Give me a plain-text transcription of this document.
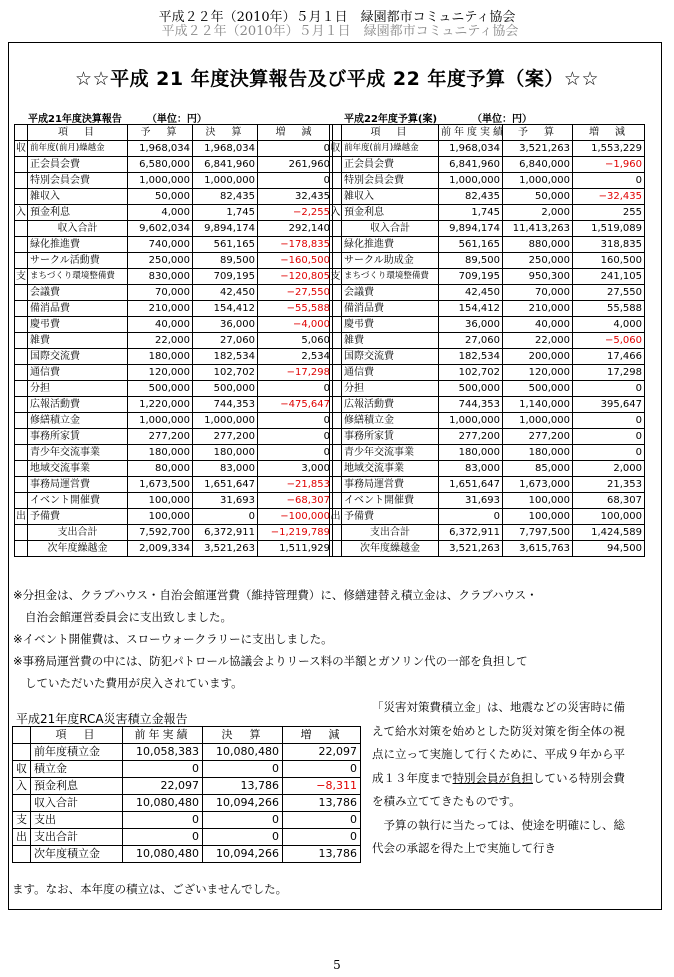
平成２２年（2010年）５月１日　緑園都市コミュニティ協会
平成２２年（2010年）５月１日　緑園都市コミュニティ協会
☆☆平成 21 年度決算報告及び平成 22 年度予算（案）☆☆
平成21年度決算報告　　　（単位：円）
	項　目	予　算	決　算	増　減
収	前年度(前月)繰越金	1,968,034	1,968,034	0
	正会員会費	6,580,000	6,841,960	261,960
	特別会員会費	1,000,000	1,000,000	0
	雑収入	50,000	82,435	32,435
入	預金利息	4,000	1,745	−2,255
	収入合計	9,602,034	9,894,174	292,140
	緑化推進費	740,000	561,165	−178,835
	サークル活動費	250,000	89,500	−160,500
支	まちづくり環境整備費	830,000	709,195	−120,805
	会議費	70,000	42,450	−27,550
	備消品費	210,000	154,412	−55,588
	慶弔費	40,000	36,000	−4,000
	雑費	22,000	27,060	5,060
	国際交流費	180,000	182,534	2,534
	通信費	120,000	102,702	−17,298
	分担	500,000	500,000	0
	広報活動費	1,220,000	744,353	−475,647
	修繕積立金	1,000,000	1,000,000	0
	事務所家賃	277,200	277,200	0
	青少年交流事業	180,000	180,000	0
	地域交流事業	80,000	83,000	3,000
	事務局運営費	1,673,500	1,651,647	−21,853
	イベント開催費	100,000	31,693	−68,307
出	予備費	100,000	0	−100,000
	支出合計	7,592,700	6,372,911	−1,219,789
	次年度繰越金	2,009,334	3,521,263	1,511,929
平成22年度予算(案)　　　　（単位：円）
	項　目	前年度実績	予　算	増　減
収	前年度(前月)繰越金	1,968,034	3,521,263	1,553,229
	正会員会費	6,841,960	6,840,000	−1,960
	特別会員会費	1,000,000	1,000,000	0
	雑収入	82,435	50,000	−32,435
入	預金利息	1,745	2,000	255
	収入合計	9,894,174	11,413,263	1,519,089
	緑化推進費	561,165	880,000	318,835
	サークル助成金	89,500	250,000	160,500
支	まちづくり環境整備費	709,195	950,300	241,105
	会議費	42,450	70,000	27,550
	備消品費	154,412	210,000	55,588
	慶弔費	36,000	40,000	4,000
	雑費	27,060	22,000	−5,060
	国際交流費	182,534	200,000	17,466
	通信費	102,702	120,000	17,298
	分担	500,000	500,000	0
	広報活動費	744,353	1,140,000	395,647
	修繕積立金	1,000,000	1,000,000	0
	事務所家賃	277,200	277,200	0
	青少年交流事業	180,000	180,000	0
	地域交流事業	83,000	85,000	2,000
	事務局運営費	1,651,647	1,673,000	21,353
	イベント開催費	31,693	100,000	68,307
出	予備費	0	100,000	100,000
	支出合計	6,372,911	7,797,500	1,424,589
	次年度繰越金	3,521,263	3,615,763	94,500
※分担金は、クラブハウス・自治会館運営費（維持管理費）に、修繕建替え積立金は、クラブハウス・
自治会館運営委員会に支出致しました。
※イベント開催費は、スローウォークラリーに支出しました。
※事務局運営費の中には、防犯パトロール協議会よりリース料の半額とガソリン代の一部を負担して
していただいた費用が戻入されています。
平成21年度RCA災害積立金報告
	項　目	前年実績	決　算	増　減
	前年度積立金	10,058,383	10,080,480	22,097
収	積立金	0	0	0
入	預金利息	22,097	13,786	−8,311
	収入合計	10,080,480	10,094,266	13,786
支	支出	0	0	0
出	支出合計	0	0	0
	次年度積立金	10,080,480	10,094,266	13,786

「災害対策費積立金」は、地震などの災害時に備えて給水対策を始めとした防災対策を街全体の視点に立って実施して行くために、平成９年から平成１３年度まで特別会員が負担している特別会費を積み立ててきたものです。

予算の執行に当たっては、使途を明確にし、総代会の承認を得た上で実施して行き

ます。なお、本年度の積立は、ございませんでした。
5
